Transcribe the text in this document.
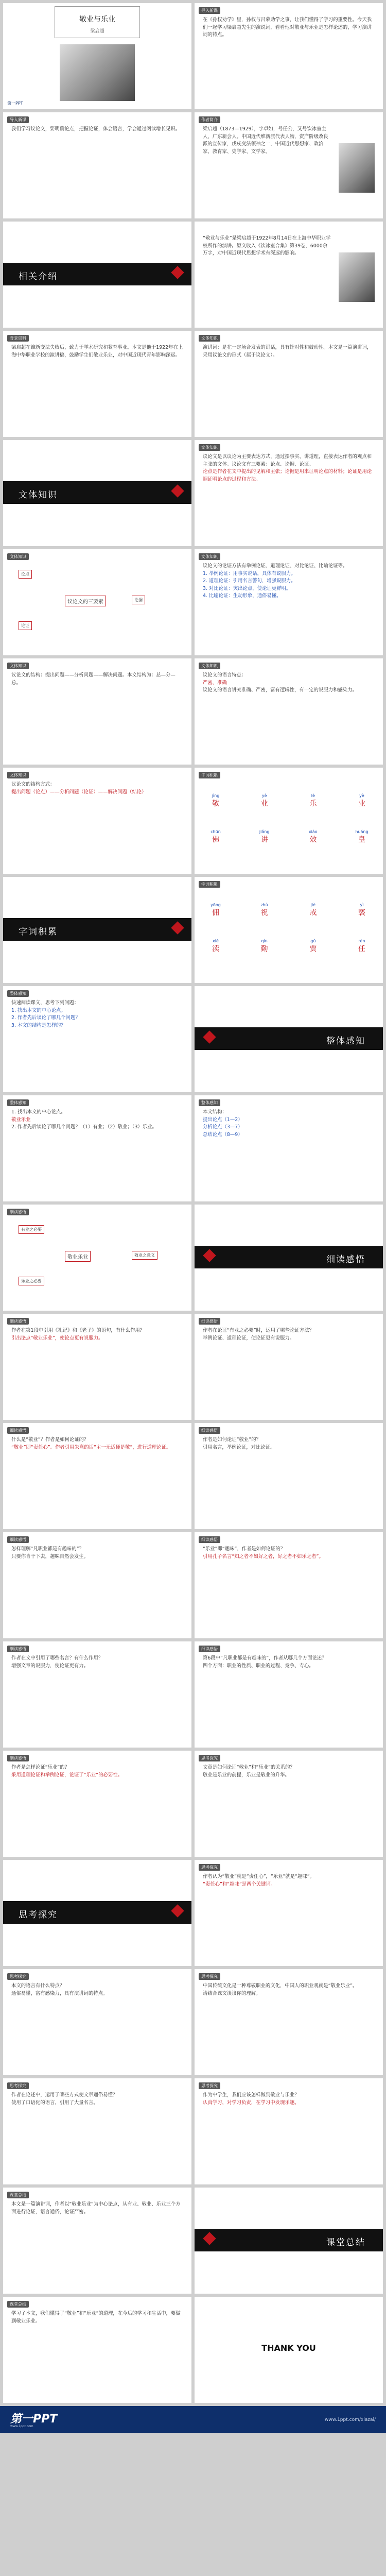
敬业与乐业
梁启超
第一PPT
导入新课
在《孙权劝学》里，孙权与吕蒙劝学之事，让我们懂得了学习的重要性。今天我们一起学习梁启超先生的演说词，看看他对敬业与乐业是怎样论述的，学习演讲词的特点。
导入新课
我们学习议论文，要明确论点，把握论证，体会语言，学会通过阅读增长见识。
作者简介
梁启超（1873—1929），字卓如，号任公，又号饮冰室主人，广东新会人。中国近代维新派代表人物，资产阶级改良派的宣传家，戊戌变法领袖之一，中国近代思想家、政治家、教育家、史学家、文学家。
相关介绍
“敬业与乐业”是梁启超于1922年8月14日在上海中华职业学校所作的演讲。原文收入《饮冰室合集》第39卷，6000余万字，对中国近现代思想学术有深远的影响。
背景资料
梁启超在维新变法失败后，致力于学术研究和教育事业。本文是他于1922年在上海中华职业学校的演讲稿，鼓励学生们敬业乐业，对中国近现代青年影响深远。
文体知识
演讲词：是在一定场合发表的讲话，具有针对性和鼓动性。本文是一篇演讲词，采用议论文的形式（属于议论文）。
文体知识
文体知识
议论文是以议论为主要表达方式，通过摆事实、讲道理，直接表达作者的观点和主张的文体。议论文有三要素：论点、论据、论证。
论点是作者在文中提出的见解和主张；论据是用来证明论点的材料；论证是用论据证明论点的过程和方法。
文体知识
议论文的三要素
论点
论据
论证
文体知识
议论文的论证方法有举例论证、道理论证、对比论证、比喻论证等。
1. 举例论证：用事实说话，具体有说服力。
2. 道理论证：引用名言警句，增强说服力。
3. 对比论证：突出论点，使论证更鲜明。
4. 比喻论证：生动形象，通俗易懂。
文体知识
议论文的结构：提出问题——分析问题——解决问题。本文结构为：总—分—总。
文体知识
议论文的语言特点：
严密、准确
议论文的语言讲究准确、严密，富有逻辑性，有一定的说服力和感染力。
文体知识
议论文的结构方式：
提出问题（论点）——分析问题（论证）——解决问题（结论）
字词积累
jìng
敬
yè
业
lè
乐
yè
业
chūn
佛
jiǎng
讲
xiào
效
huáng
皇
字词积累
字词积累
yōng
佣
zhù
祝
jiè
戒
yì
亵
xiè
渎
qín
勤
gǔ
贾
rèn
任
整体感知
快速阅读课文，思考下列问题：
1. 找出本文的中心论点。
2. 作者先后谈论了哪几个问题？
3. 本文的结构是怎样的？
整体感知
整体感知
1. 找出本文的中心论点。
敬业乐业
2. 作者先后谈论了哪几个问题？（1）有业；（2）敬业；（3）乐业。
整体感知
本文结构：
提出论点（1—2）
分析论点（3—7）
总结论点（8—9）
细读感悟
敬业乐业
有业之必要
敬业之意义
乐业之必要
细读感悟
细读感悟
作者在第1段中引用《礼记》和《老子》的语句，有什么作用？
引出论点“敬业乐业”，使论点更有说服力。
细读感悟
作者在论证“有业之必要”时，运用了哪些论证方法？
举例论证、道理论证，使论证更有说服力。
细读感悟
什么是“敬业”？作者是如何论证的？
“敬业”即“责任心”。作者引用朱熹的话“主一无适便是敬”，进行道理论证。
细读感悟
作者是如何论证“敬业”的？
引用名言，举例论证，对比论证。
细读感悟
怎样理解“凡职业都是有趣味的”？
只要你肯干下去，趣味自然会发生。
细读感悟
“乐业”即“趣味”，作者是如何论证的？
引用孔子名言“知之者不如好之者，好之者不如乐之者”。
细读感悟
作者在文中引用了哪些名言？有什么作用？
增强文章的说服力，使论证更有力。
细读感悟
第6段中“凡职业都是有趣味的”，作者从哪几个方面论述？
四个方面：职业的性质、职业的过程、竞争、专心。
细读感悟
作者是怎样论证“乐业”的？
采用道理论证和举例论证，论证了“乐业”的必要性。
思考探究
文章是如何论证“敬业”和“乐业”的关系的？
敬业是乐业的前提，乐业是敬业的升华。
思考探究
思考探究
作者认为“敬业”就是“责任心”，“乐业”就是“趣味”。
“责任心”和“趣味”是两个关键词。
思考探究
本文的语言有什么特点？
通俗易懂，富有感染力，具有演讲词的特点。
思考探究
中国传统文化是一种尊敬职业的文化，中国人的职业观就是“敬业乐业”。
请结合课文谈谈你的理解。
思考探究
作者在论述中，运用了哪些方式使文章通俗易懂？
使用了口语化的语言，引用了大量名言。
思考探究
作为中学生，我们应该怎样做到敬业与乐业？
认真学习，对学习负责，在学习中发现乐趣。
课堂总结
本文是一篇演讲词，作者以“敬业乐业”为中心论点，从有业、敬业、乐业三个方面进行论证，语言通俗，论证严密。
课堂总结
课堂总结
学习了本文，我们懂得了“敬业”和“乐业”的道理，在今后的学习和生活中，要做到敬业乐业。
THANK YOU
第一PPT
www.1ppt.com
www.1ppt.com/xiazai/
